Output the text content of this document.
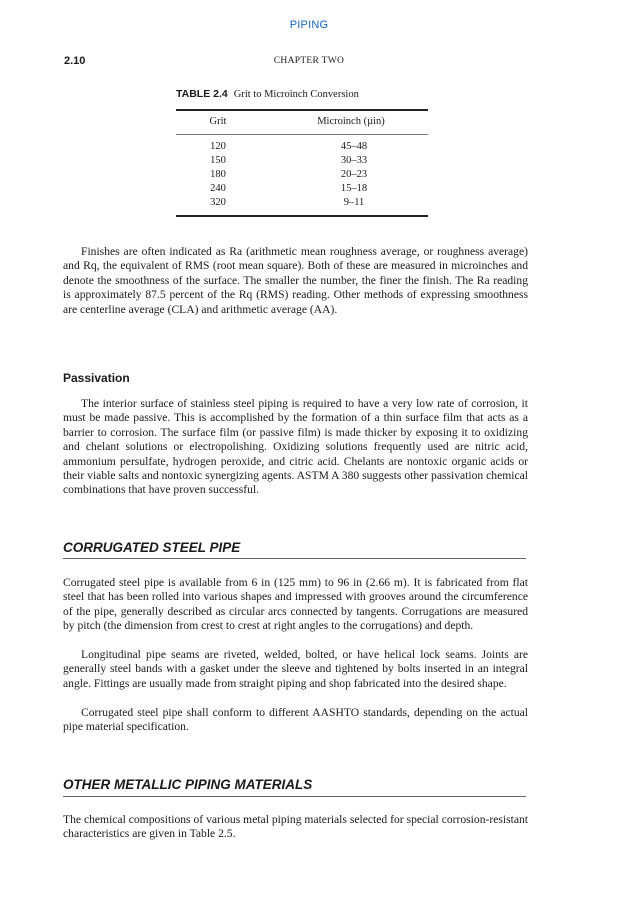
PIPING
2.10	CHAPTER TWO
TABLE 2.4 Grit to Microinch Conversion
Grit	Microinch (µin)
120	45–48
150	30–33
180	20–23
240	15–18
320	9–11
Finishes are often indicated as Ra (arithmetic mean roughness average, or roughness average) and Rq, the equivalent of RMS (root mean square). Both of these are measured in microinches and denote the smoothness of the surface. The smaller the number, the finer the finish. The Ra reading is approximately 87.5 percent of the Rq (RMS) reading. Other methods of expressing smoothness are centerline average (CLA) and arithmetic average (AA).
Passivation
The interior surface of stainless steel piping is required to have a very low rate of corrosion, it must be made passive. This is accomplished by the formation of a thin surface film that acts as a barrier to corrosion. The surface film (or passive film) is made thicker by exposing it to oxidizing and chelant solutions or electropolishing. Oxidizing solutions frequently used are nitric acid, ammonium persulfate, hydrogen peroxide, and citric acid. Chelants are nontoxic organic acids or their viable salts and nontoxic synergizing agents. ASTM A 380 suggests other passivation chemical combinations that have proven successful.
CORRUGATED STEEL PIPE
Corrugated steel pipe is available from 6 in (125 mm) to 96 in (2.66 m). It is fabricated from flat steel that has been rolled into various shapes and impressed with grooves around the circumference of the pipe, generally described as circular arcs connected by tangents. Corrugations are measured by pitch (the dimension from crest to crest at right angles to the corrugations) and depth.
Longitudinal pipe seams are riveted, welded, bolted, or have helical lock seams. Joints are generally steel bands with a gasket under the sleeve and tightened by bolts inserted in an integral angle. Fittings are usually made from straight piping and shop fabricated into the desired shape.
Corrugated steel pipe shall conform to different AASHTO standards, depending on the actual pipe material specification.
OTHER METALLIC PIPING MATERIALS
The chemical compositions of various metal piping materials selected for special corrosion-resistant characteristics are given in Table 2.5.
